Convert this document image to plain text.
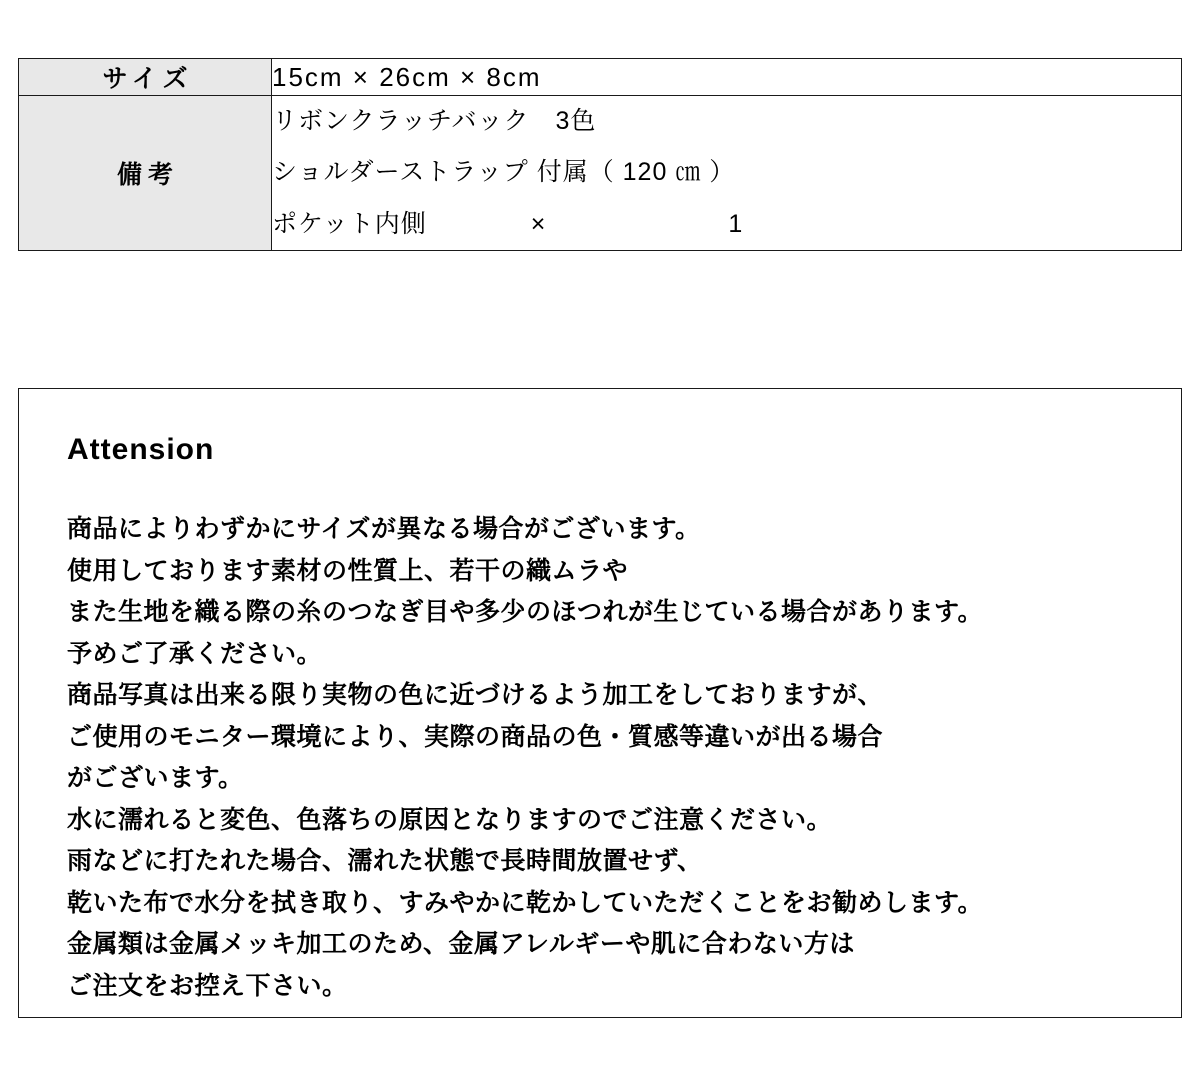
サイズ	15cm × 26cm × 8cm

備考	リボンクラッチバック　3色
ショルダーストラップ 付属（ 120 ㎝ ）
ポケット内側　　　　×　　　　　　　1
Attension
商品によりわずかにサイズが異なる場合がございます。
使用しております素材の性質上、若干の織ムラや
また生地を織る際の糸のつなぎ目や多少のほつれが生じている場合があります。
予めご了承ください。
商品写真は出来る限り実物の色に近づけるよう加工をしておりますが、
ご使用のモニター環境により、実際の商品の色・質感等違いが出る場合
がございます。
水に濡れると変色、色落ちの原因となりますのでご注意ください。
雨などに打たれた場合、濡れた状態で長時間放置せず、
乾いた布で水分を拭き取り、すみやかに乾かしていただくことをお勧めします。
金属類は金属メッキ加工のため、金属アレルギーや肌に合わない方は
ご注文をお控え下さい。
